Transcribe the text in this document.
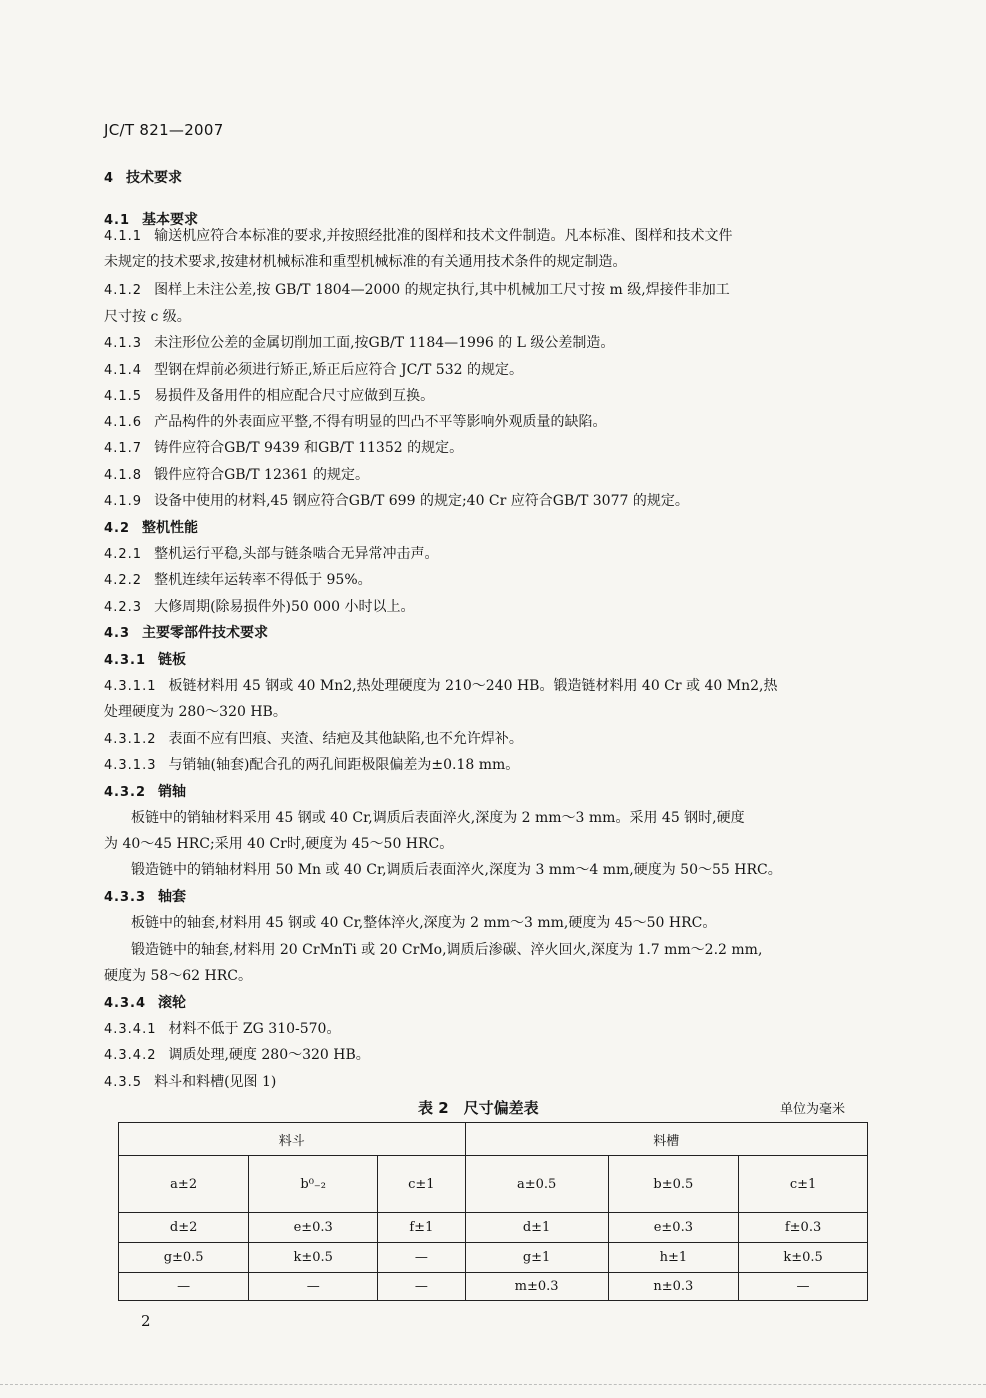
JC/T 821—2007
4 技术要求
4.1 基本要求
4.1.1 输送机应符合本标准的要求,并按照经批准的图样和技术文件制造。凡本标准、图样和技术文件
未规定的技术要求,按建材机械标准和重型机械标准的有关通用技术条件的规定制造。
4.1.2 图样上未注公差,按 GB/T 1804—2000 的规定执行,其中机械加工尺寸按 m 级,焊接件非加工
尺寸按 c 级。
4.1.3 未注形位公差的金属切削加工面,按GB/T 1184—1996 的 L 级公差制造。
4.1.4 型钢在焊前必须进行矫正,矫正后应符合 JC/T 532 的规定。
4.1.5 易损件及备用件的相应配合尺寸应做到互换。
4.1.6 产品构件的外表面应平整,不得有明显的凹凸不平等影响外观质量的缺陷。
4.1.7 铸件应符合GB/T 9439 和GB/T 11352 的规定。
4.1.8 锻件应符合GB/T 12361 的规定。
4.1.9 设备中使用的材料,45 钢应符合GB/T 699 的规定;40 Cr 应符合GB/T 3077 的规定。
4.2 整机性能
4.2.1 整机运行平稳,头部与链条啮合无异常冲击声。
4.2.2 整机连续年运转率不得低于 95%。
4.2.3 大修周期(除易损件外)50 000 小时以上。
4.3 主要零部件技术要求
4.3.1 链板
4.3.1.1 板链材料用 45 钢或 40 Mn2,热处理硬度为 210～240 HB。锻造链材料用 40 Cr 或 40 Mn2,热
处理硬度为 280～320 HB。
4.3.1.2 表面不应有凹痕、夹渣、结疤及其他缺陷,也不允许焊补。
4.3.1.3 与销轴(轴套)配合孔的两孔间距极限偏差为±0.18 mm。
4.3.2 销轴
板链中的销轴材料采用 45 钢或 40 Cr,调质后表面淬火,深度为 2 mm～3 mm。采用 45 钢时,硬度
为 40～45 HRC;采用 40 Cr时,硬度为 45～50 HRC。
锻造链中的销轴材料用 50 Mn 或 40 Cr,调质后表面淬火,深度为 3 mm～4 mm,硬度为 50～55 HRC。
4.3.3 轴套
板链中的轴套,材料用 45 钢或 40 Cr,整体淬火,深度为 2 mm～3 mm,硬度为 45～50 HRC。
锻造链中的轴套,材料用 20 CrMnTi 或 20 CrMo,调质后渗碳、淬火回火,深度为 1.7 mm～2.2 mm,
硬度为 58～62 HRC。
4.3.4 滚轮
4.3.4.1 材料不低于 ZG 310-570。
4.3.4.2 调质处理,硬度 280～320 HB。
4.3.5 料斗和料槽(见图 1)
表 2　尺寸偏差表	单位为毫米
料斗			料槽		
a±2	b⁰₋₂	c±1	a±0.5	b±0.5	c±1
d±2	e±0.3	f±1	d±1	e±0.3	f±0.3
g±0.5	k±0.5	—	g±1	h±1	k±0.5
—	—	—	m±0.3	n±0.3	—
2
